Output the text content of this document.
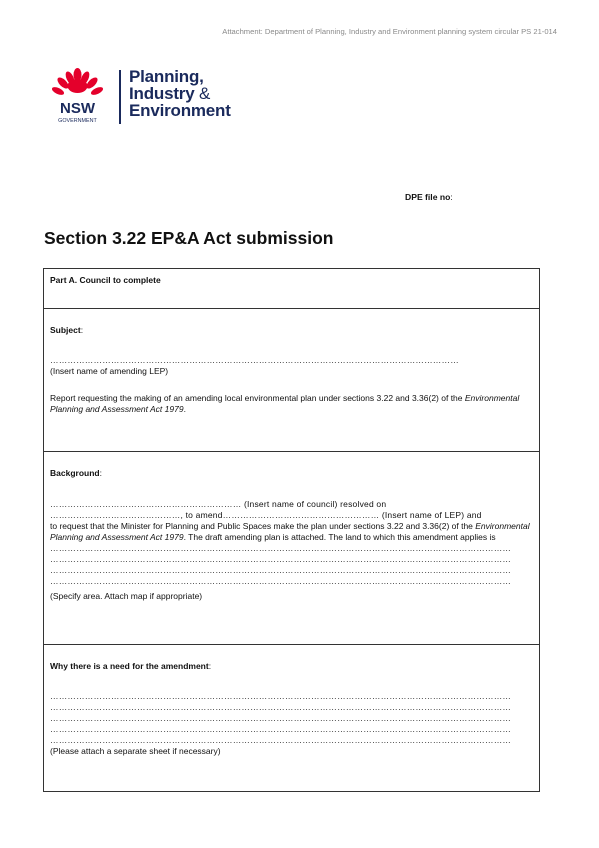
Attachment: Department of Planning, Industry and Environment planning system circular PS 21-014
NSW
GOVERNMENT
Planning,
Industry &
Environment
DPE file no:
Section 3.22 EP&A Act submission
Part A. Council to complete
Subject:
……………………………………………………………………………………………………………………………
(Insert name of amending LEP)

Report requesting the making of an amending local environmental plan under sections 3.22 and 3.36(2) of the Environmental Planning and Assessment Act 1979.

Background:
………………………………………………………… (Insert name of council) resolved on
………………………………………, to amend……………………………………………… (Insert name of LEP) and

to request that the Minister for Planning and Public Spaces make the plan under sections 3.22 and 3.36(2) of the Environmental Planning and Assessment Act 1979. The draft amending plan is attached. The land to which this amendment applies is

……………………………………………………………………………………………………………………………………………
……………………………………………………………………………………………………………………………………………
……………………………………………………………………………………………………………………………………………
……………………………………………………………………………………………………………………………………………
(Specify area. Attach map if appropriate)
Why there is a need for the amendment:
……………………………………………………………………………………………………………………………………………
……………………………………………………………………………………………………………………………………………
……………………………………………………………………………………………………………………………………………
……………………………………………………………………………………………………………………………………………
……………………………………………………………………………………………………………………………………………
(Please attach a separate sheet if necessary)
